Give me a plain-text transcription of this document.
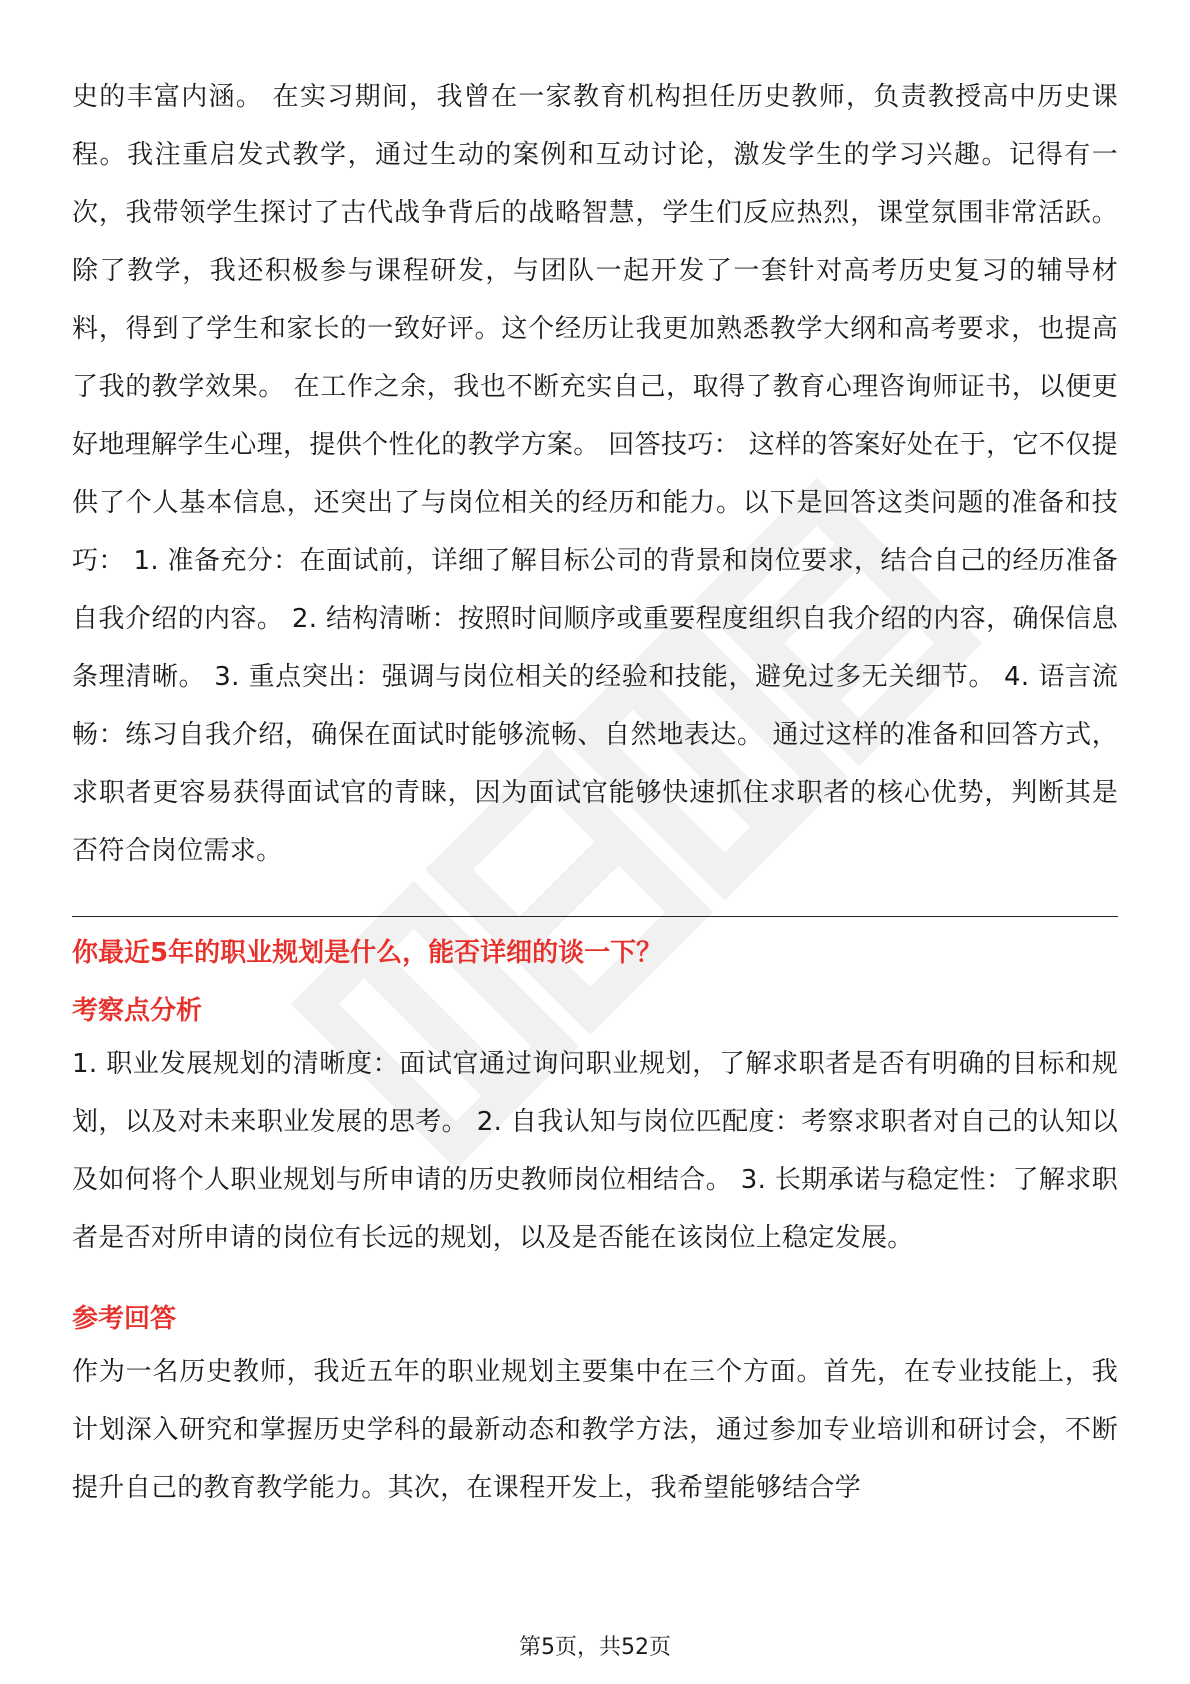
史的丰富内涵。 在实习期间，我曾在一家教育机构担任历史教师，负责教授高中历史课程。我注重启发式教学，通过生动的案例和互动讨论，激发学生的学习兴趣。记得有一次，我带领学生探讨了古代战争背后的战略智慧，学生们反应热烈，课堂氛围非常活跃。 除了教学，我还积极参与课程研发，与团队一起开发了一套针对高考历史复习的辅导材料，得到了学生和家长的一致好评。这个经历让我更加熟悉教学大纲和高考要求，也提高了我的教学效果。 在工作之余，我也不断充实自己，取得了教育心理咨询师证书，以便更好地理解学生心理，提供个性化的教学方案。 回答技巧： 这样的答案好处在于，它不仅提供了个人基本信息，还突出了与岗位相关的经历和能力。以下是回答这类问题的准备和技巧： 1. 准备充分：在面试前，详细了解目标公司的背景和岗位要求，结合自己的经历准备自我介绍的内容。 2. 结构清晰：按照时间顺序或重要程度组织自我介绍的内容，确保信息条理清晰。 3. 重点突出：强调与岗位相关的经验和技能，避免过多无关细节。 4. 语言流畅：练习自我介绍，确保在面试时能够流畅、自然地表达。 通过这样的准备和回答方式，求职者更容易获得面试官的青睐，因为面试官能够快速抓住求职者的核心优势，判断其是否符合岗位需求。

你最近5年的职业规划是什么，能否详细的谈一下？
考察点分析

1. 职业发展规划的清晰度：面试官通过询问职业规划，了解求职者是否有明确的目标和规划，以及对未来职业发展的思考。 2. 自我认知与岗位匹配度：考察求职者对自己的认知以及如何将个人职业规划与所申请的历史教师岗位相结合。 3. 长期承诺与稳定性：了解求职者是否对所申请的岗位有长远的规划，以及是否能在该岗位上稳定发展。

参考回答

作为一名历史教师，我近五年的职业规划主要集中在三个方面。首先，在专业技能上，我计划深入研究和掌握历史学科的最新动态和教学方法，通过参加专业培训和研讨会，不断提升自己的教育教学能力。其次，在课程开发上，我希望能够结合学

第5页，共52页
